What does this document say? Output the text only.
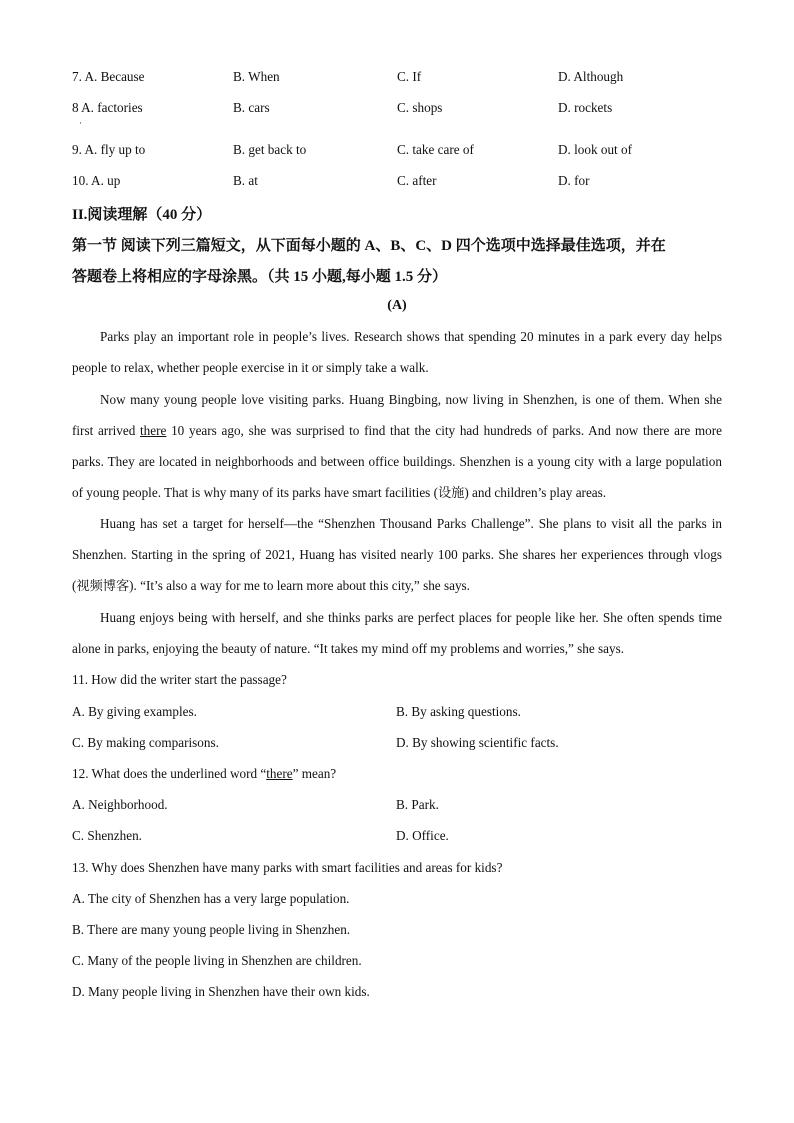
7. A. Because	B. When	C. If	D. Although
8 A. factories	B. cars	C. shops	D. rockets
·
9. A. fly up to	B. get back to	C. take care of	D. look out of
10. A. up	B. at	C. after	D. for
II.阅读理解（40 分）
第一节 阅读下列三篇短文，从下面每小题的 A、B、C、D 四个选项中选择最佳选项，并在
答题卷上将相应的字母涂黑。（共 15 小题,每小题 1.5 分）
(A)

Parks play an important role in people’s lives. Research shows that spending 20 minutes in a park every day helps people to relax, whether people exercise in it or simply take a walk.

Now many young people love visiting parks. Huang Bingbing, now living in Shenzhen, is one of them. When she first arrived there 10 years ago, she was surprised to find that the city had hundreds of parks. And now there are more parks. They are located in neighborhoods and between office buildings. Shenzhen is a young city with a large population of young people. That is why many of its parks have smart facilities (设施) and children’s play areas.

Huang has set a target for herself—the “Shenzhen Thousand Parks Challenge”. She plans to visit all the parks in Shenzhen. Starting in the spring of 2021, Huang has visited nearly 100 parks. She shares her experiences through vlogs (视频博客). “It’s also a way for me to learn more about this city,” she says.

Huang enjoys being with herself, and she thinks parks are perfect places for people like her. She often spends time alone in parks, enjoying the beauty of nature. “It takes my mind off my problems and worries,” she says.

11. How did the writer start the passage?
A. By giving examples.	B. By asking questions.
C. By making comparisons.	D. By showing scientific facts.
12. What does the underlined word “there” mean?
A. Neighborhood.	B. Park.
C. Shenzhen.	D. Office.
13. Why does Shenzhen have many parks with smart facilities and areas for kids?
A. The city of Shenzhen has a very large population.
B. There are many young people living in Shenzhen.
C. Many of the people living in Shenzhen are children.
D. Many people living in Shenzhen have their own kids.
